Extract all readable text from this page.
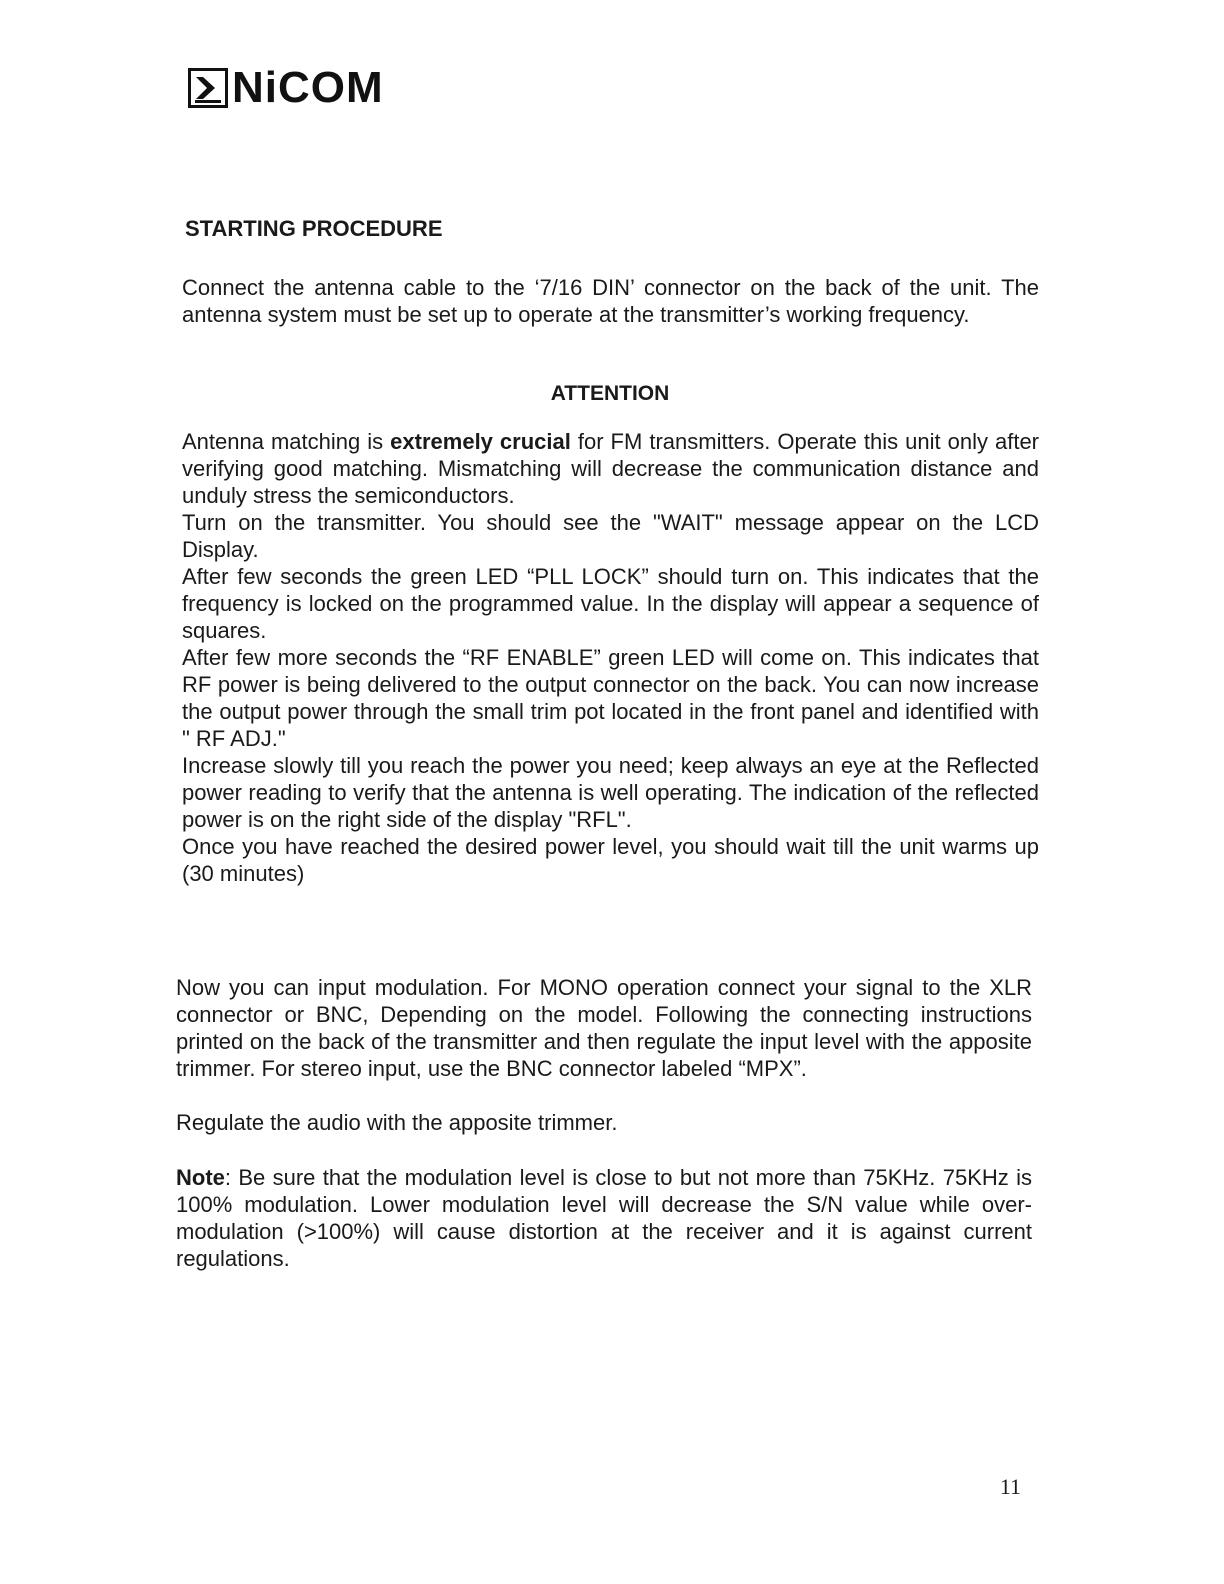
NiCOM
STARTING PROCEDURE

Connect the antenna cable to the ‘7/16 DIN’ connector on the back of the unit. The antenna system must be set up to operate at the transmitter’s working frequency.

ATTENTION

Antenna matching is extremely crucial for FM transmitters. Operate this unit only after verifying good matching. Mismatching will decrease the communication distance and unduly stress the semiconductors.

Turn on the transmitter. You should see the "WAIT" message appear on the LCD Display.

After few seconds the green LED “PLL LOCK” should turn on. This indicates that the frequency is locked on the programmed value. In the display will appear a sequence of squares.

After few more seconds the “RF ENABLE” green LED will come on. This indicates that RF power is being delivered to the output connector on the back. You can now increase the output power through the small trim pot located in the front panel and identified with " RF ADJ."

Increase slowly till you reach the power you need; keep always an eye at the Reflected power reading to verify that the antenna is well operating. The indication of the reflected power is on the right side of the display "RFL".

Once you have reached the desired power level, you should wait till the unit warms up (30 minutes)

Now you can input modulation. For MONO operation connect your signal to the XLR connector or BNC, Depending on the model. Following the connecting instructions printed on the back of the transmitter and then regulate the input level with the apposite trimmer. For stereo input, use the BNC connector labeled “MPX”.

Regulate the audio with the apposite trimmer.

Note: Be sure that the modulation level is close to but not more than 75KHz. 75KHz is 100% modulation. Lower modulation level will decrease the S/N value while over-modulation (>100%) will cause distortion at the receiver and it is against current regulations.

11
